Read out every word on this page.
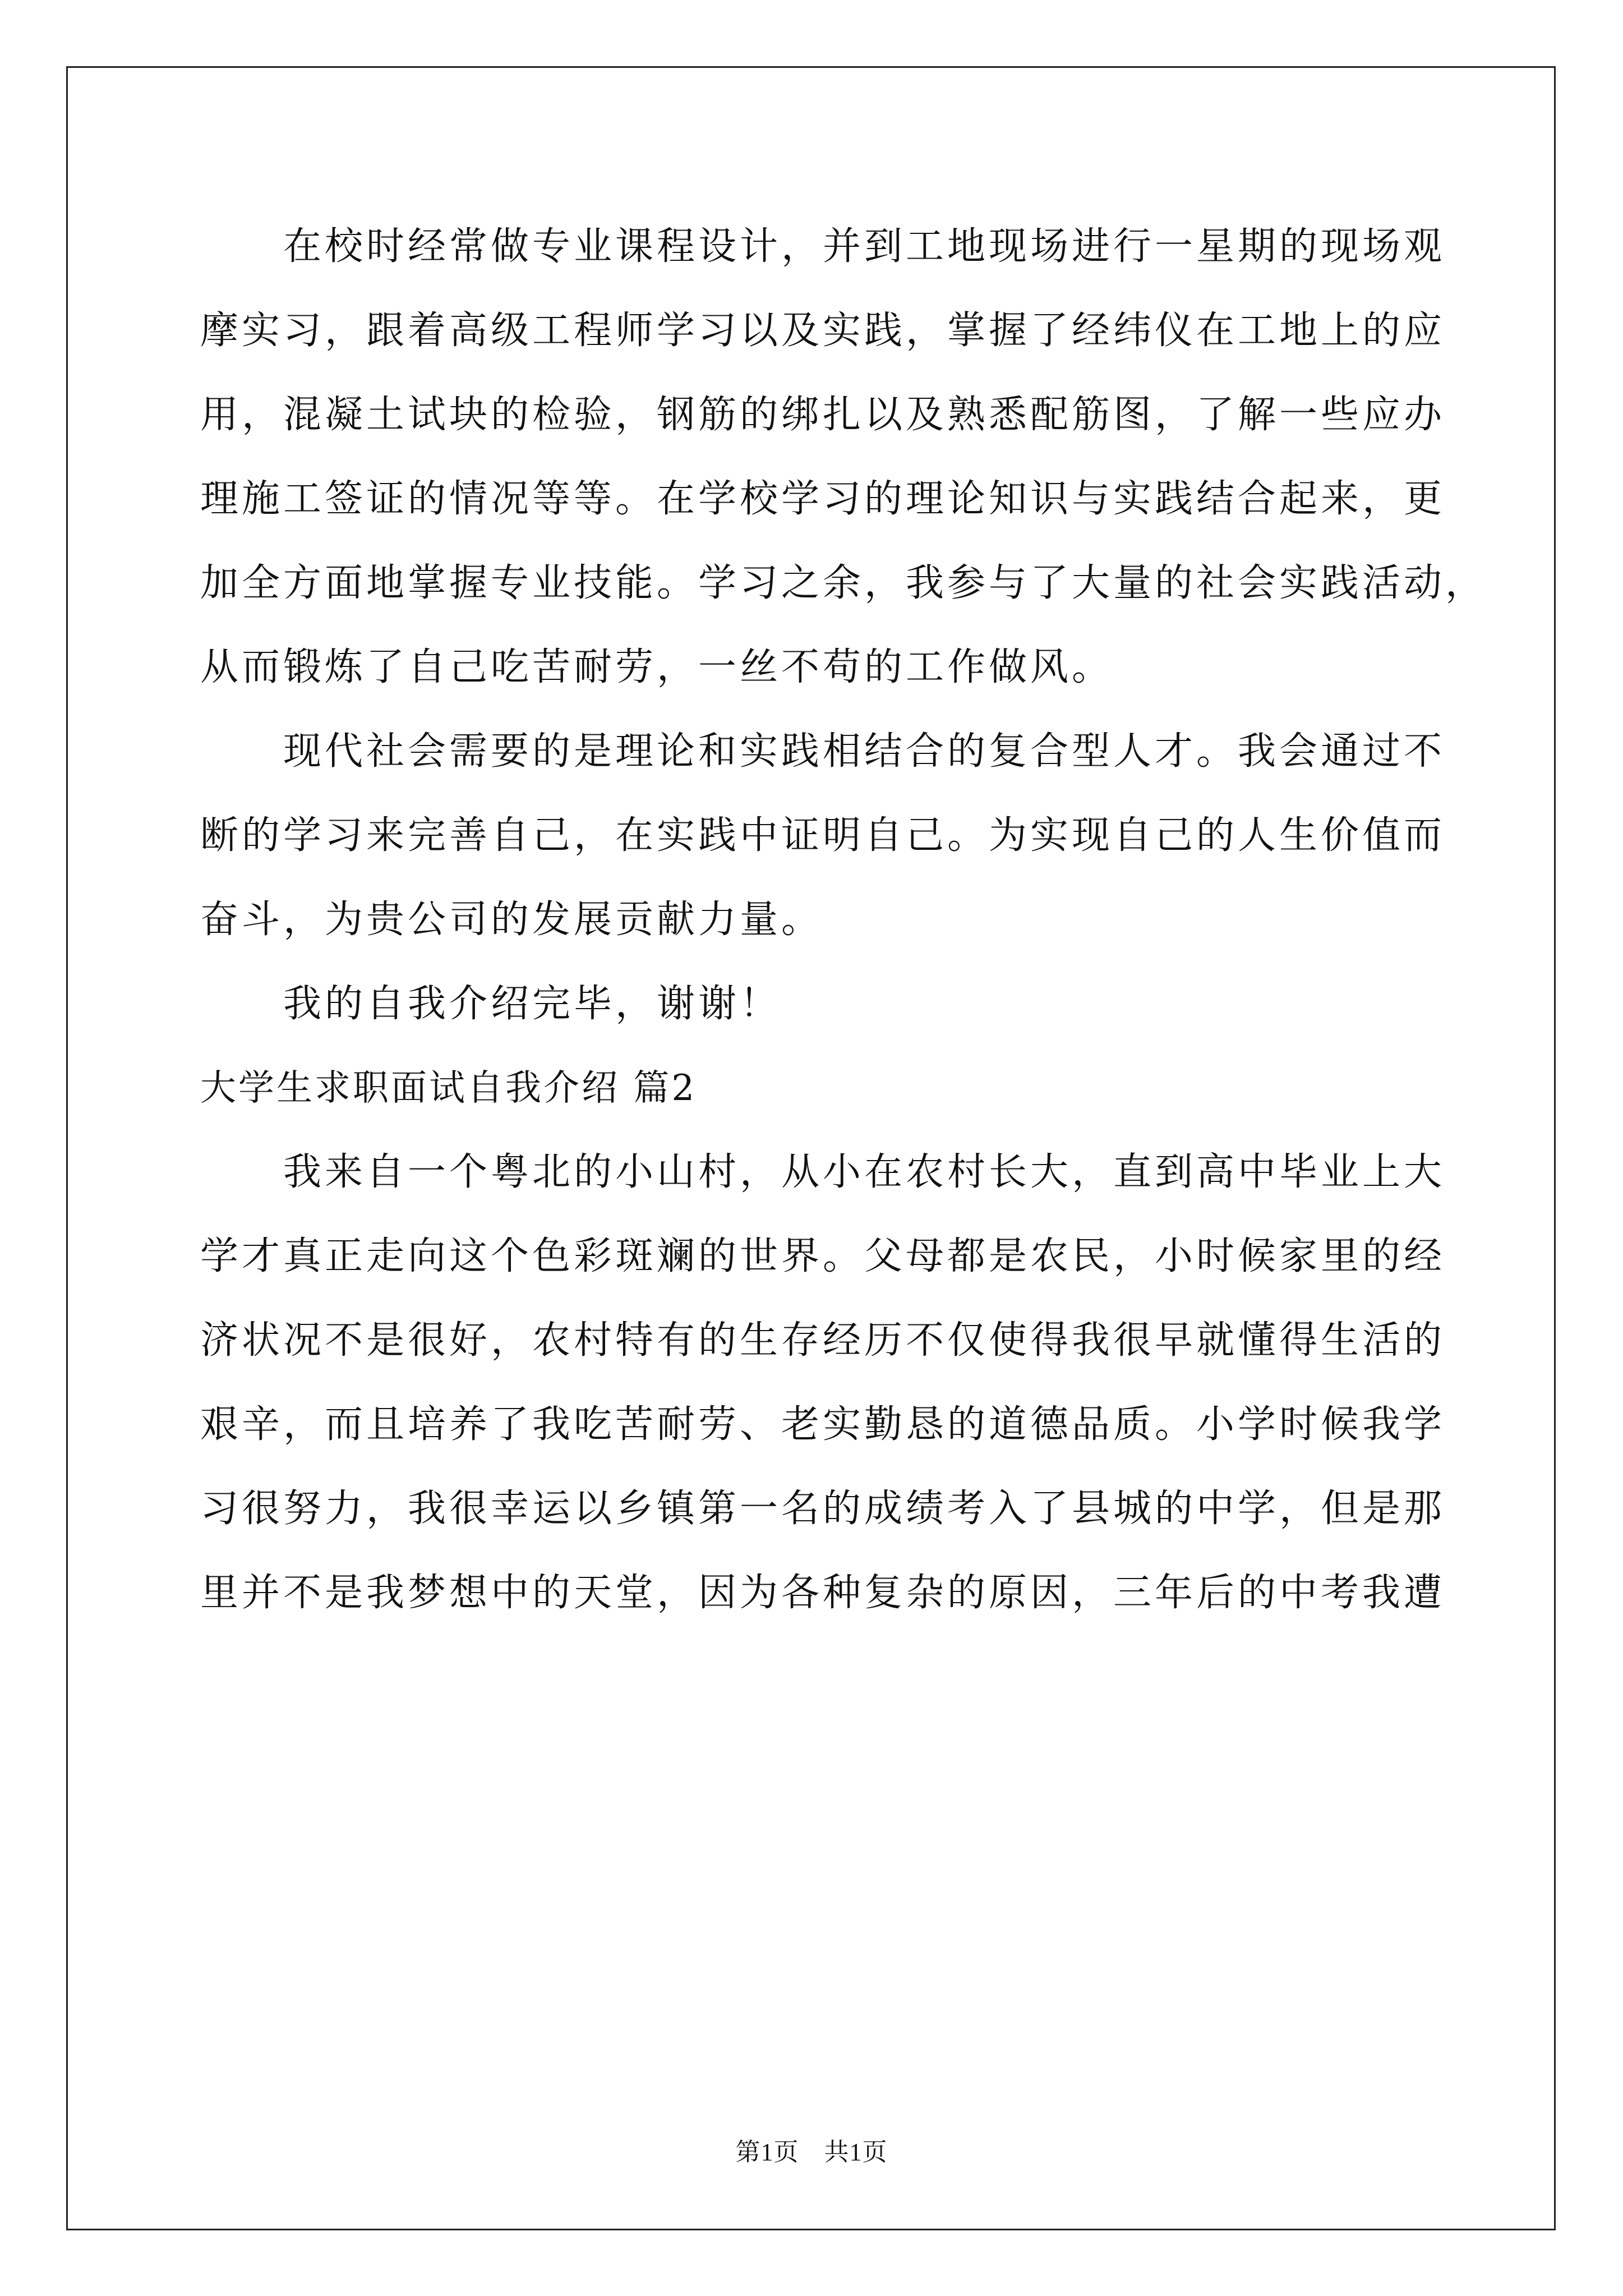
在校时经常做专业课程设计，并到工地现场进行一星期的现场观
摩实习，跟着高级工程师学习以及实践，掌握了经纬仪在工地上的应
用，混凝土试块的检验，钢筋的绑扎以及熟悉配筋图，了解一些应办
理施工签证的情况等等。在学校学习的理论知识与实践结合起来，更
加全方面地掌握专业技能。学习之余，我参与了大量的社会实践活动，
从而锻炼了自己吃苦耐劳，一丝不苟的工作做风。
现代社会需要的是理论和实践相结合的复合型人才。我会通过不
断的学习来完善自己，在实践中证明自己。为实现自己的人生价值而
奋斗，为贵公司的发展贡献力量。
我的自我介绍完毕，谢谢！
大学生求职面试自我介绍 篇2
我来自一个粤北的小山村，从小在农村长大，直到高中毕业上大
学才真正走向这个色彩斑斓的世界。父母都是农民，小时候家里的经
济状况不是很好，农村特有的生存经历不仅使得我很早就懂得生活的
艰辛，而且培养了我吃苦耐劳、老实勤恳的道德品质。小学时候我学
习很努力，我很幸运以乡镇第一名的成绩考入了县城的中学，但是那
里并不是我梦想中的天堂，因为各种复杂的原因，三年后的中考我遭
第1页　共1页
